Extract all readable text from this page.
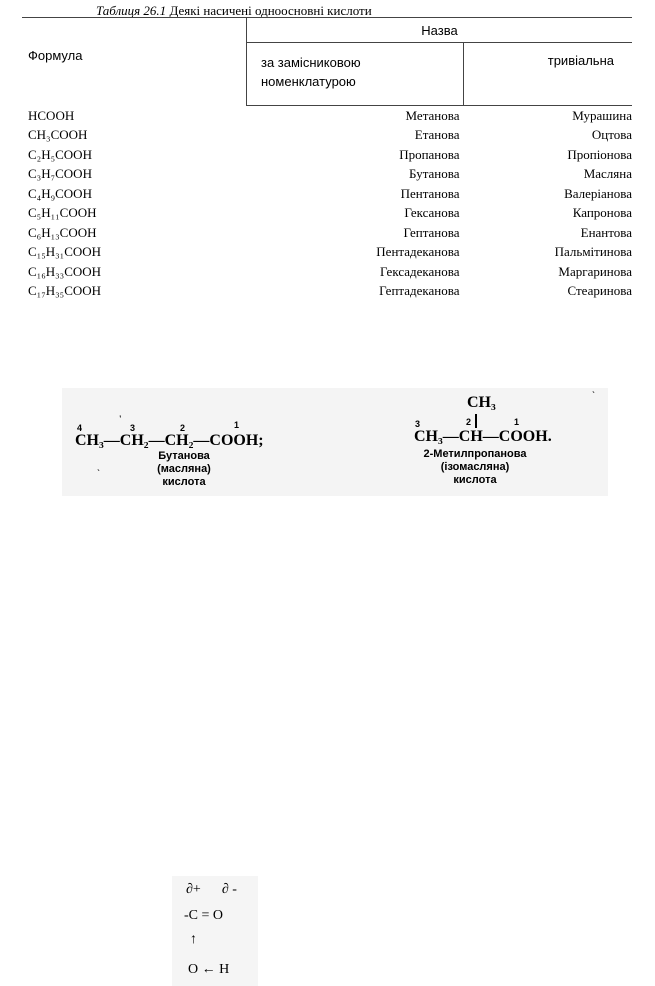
Таблиця 26.1 Деякі насичені одноосновні кислоти
Формула	Назва	
	за замісниковою
номенклатурою	тривіальна
HCOOH	Метанова	Мурашина
CH₃COOH	Етанова	Оцтова
C₂H₅COOH	Пропанова	Пропіонова
C₃H₇COOH	Бутанова	Масляна
C₄H₉COOH	Пентанова	Валеріанова
C₅H₁₁COOH	Гексанова	Капронова
C₆H₁₃COOH	Гептанова	Енантова
C₁₅H₃₁COOH	Пентадеканова	Пальмітинова
C₁₆H₃₃COOH	Гексадеканова	Маргаринова
C₁₇H₃₅COOH	Гептадеканова	Стеаринова
4
'
3	2	1
CH₃—CH₂—CH₂—COOH;
Бутанова
(масляна)
кислота
`
CH₃
3	2	1
CH₃—CH—COOH.
2-Метилпропанова
(ізомасляна)
кислота
`
∂+      ∂ -
-C = O
↑
O ← H
